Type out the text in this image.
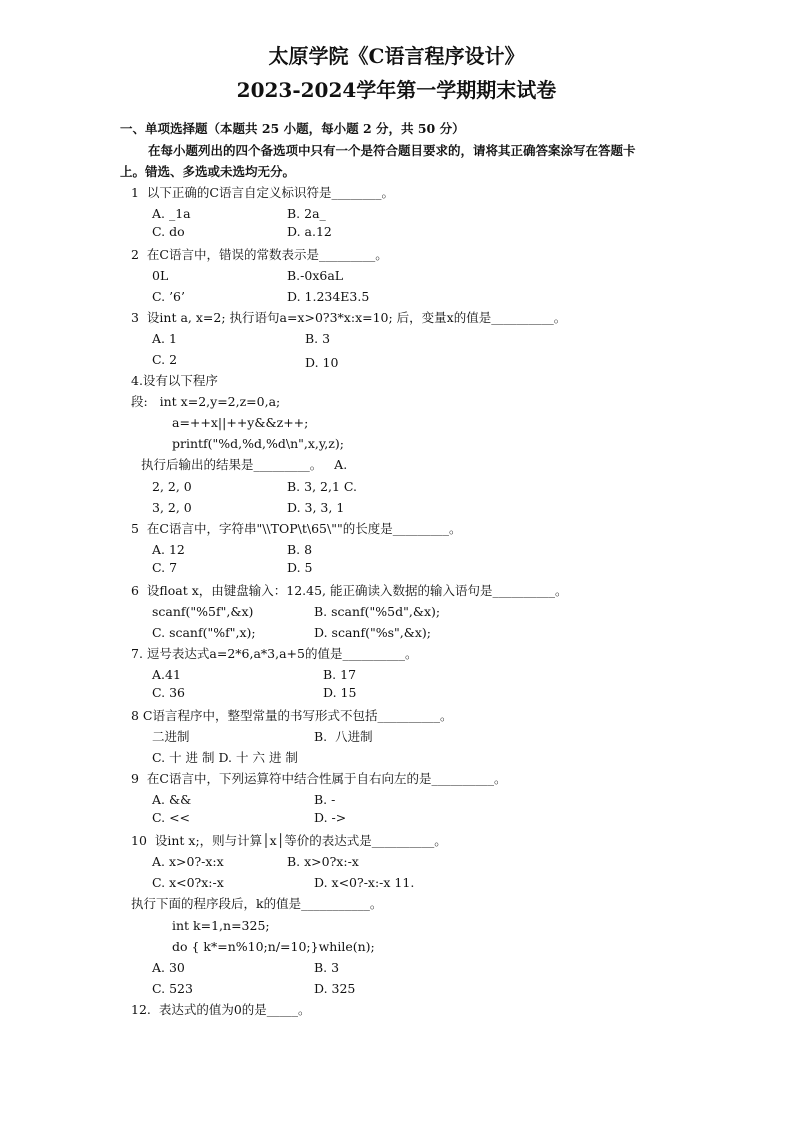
太原学院《C语言程序设计》
2023-2024学年第一学期期末试卷
一、单项选择题（本题共 25 小题，每小题 2 分，共 50 分）
在每小题列出的四个备选项中只有一个是符合题目要求的，请将其正确答案涂写在答题卡
上。错选、多选或未选均无分。
1  以下正确的C语言自定义标识符是________。
A. _1a	B. 2a_
C. do	D. a.12
2  在C语言中，错误的常数表示是_________。
0L	B.-0x6aL
C. ’6’	D. 1.234E3.5
3  设int a, x=2; 执行语句a=x>0?3*x:x=10; 后，变量x的值是__________。
A. 1	B. 3
C. 2	D. 10
4.设有以下程序
段:   int x=2,y=2,z=0,a;
a=++x||++y&&z++;
printf("%d,%d,%d\n",x,y,z);
执行后输出的结果是_________。   A.
2, 2, 0	B. 3, 2,1 C.
3, 2, 0	D. 3, 3, 1
5  在C语言中，字符串"\\TOP\t\65\""的长度是_________。
A. 12	B. 8
C. 7	D. 5
6  设float x，由键盘输入：12.45, 能正确读入数据的输入语句是__________。
scanf("%5f",&x)	B. scanf("%5d",&x);
C. scanf("%f",x);	D. scanf("%s",&x);
7. 逗号表达式a=2*6,a*3,a+5的值是__________。
A.41	B. 17
C. 36	D. 15
8 C语言程序中，整型常量的书写形式不包括__________。
二进制	B.  八进制
C. 十 进 制 D. 十 六 进 制
9  在C语言中，下列运算符中结合性属于自右向左的是__________。
A. &&	B. -
C. <<	D. ->
10  设int x;，则与计算│x│等价的表达式是__________。
A. x>0?-x:x	B. x>0?x:-x
C. x<0?x:-x	D. x<0?-x:-x 11.
执行下面的程序段后，k的值是___________。
int k=1,n=325;
do { k*=n%10;n/=10;}while(n);
A. 30	B. 3
C. 523	D. 325
12.  表达式的值为0的是_____。
